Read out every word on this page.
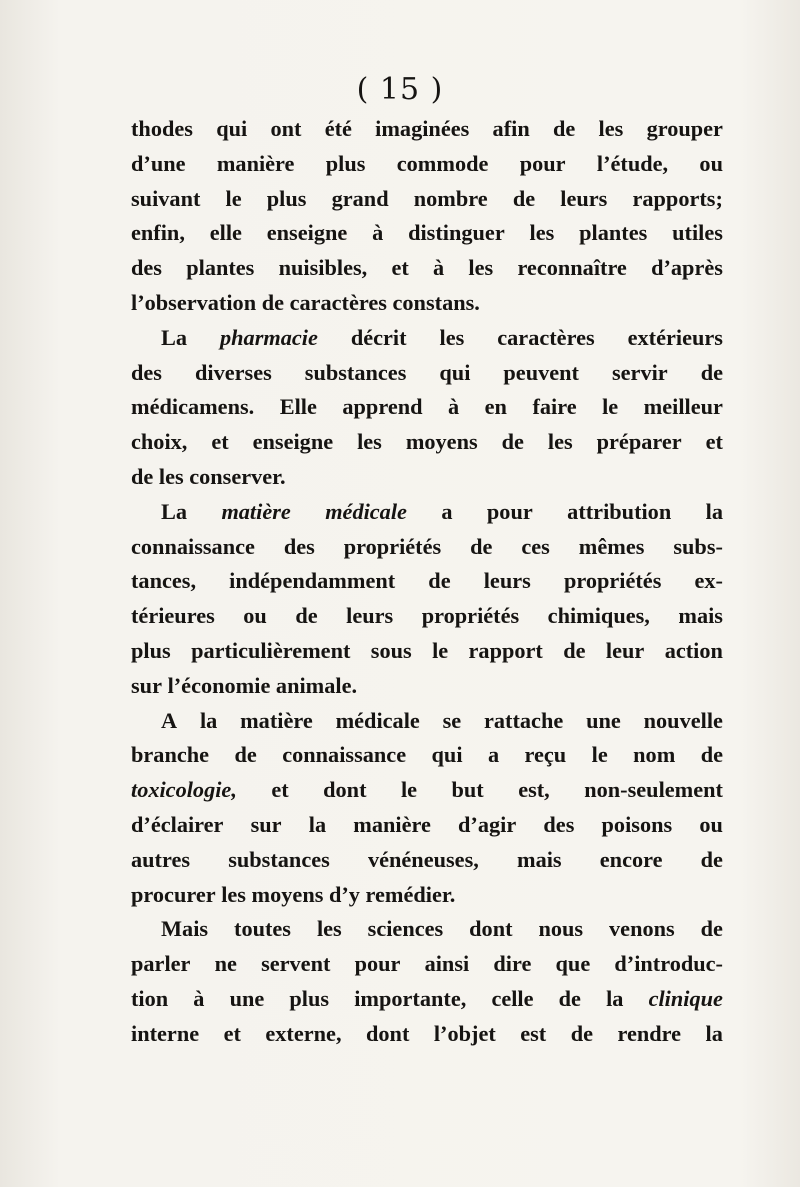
( 15 )
thodes qui ont été imaginées afin de les grouper
d’une manière plus commode pour l’étude, ou
suivant le plus grand nombre de leurs rapports;
enfin, elle enseigne à distinguer les plantes utiles
des plantes nuisibles, et à les reconnaître d’après
l’observation de caractères constans.
La pharmacie décrit les caractères extérieurs
des diverses substances qui peuvent servir de
médicamens. Elle apprend à en faire le meilleur
choix, et enseigne les moyens de les préparer et
de les conserver.
La matière médicale a pour attribution la
connaissance des propriétés de ces mêmes subs-
tances, indépendamment de leurs propriétés ex-
térieures ou de leurs propriétés chimiques, mais
plus particulièrement sous le rapport de leur action
sur l’économie animale.
A la matière médicale se rattache une nouvelle
branche de connaissance qui a reçu le nom de
toxicologie, et dont le but est, non-seulement
d’éclairer sur la manière d’agir des poisons ou
autres substances vénéneuses, mais encore de
procurer les moyens d’y remédier.
Mais toutes les sciences dont nous venons de
parler ne servent pour ainsi dire que d’introduc-
tion à une plus importante, celle de la clinique
interne et externe, dont l’objet est de rendre la
